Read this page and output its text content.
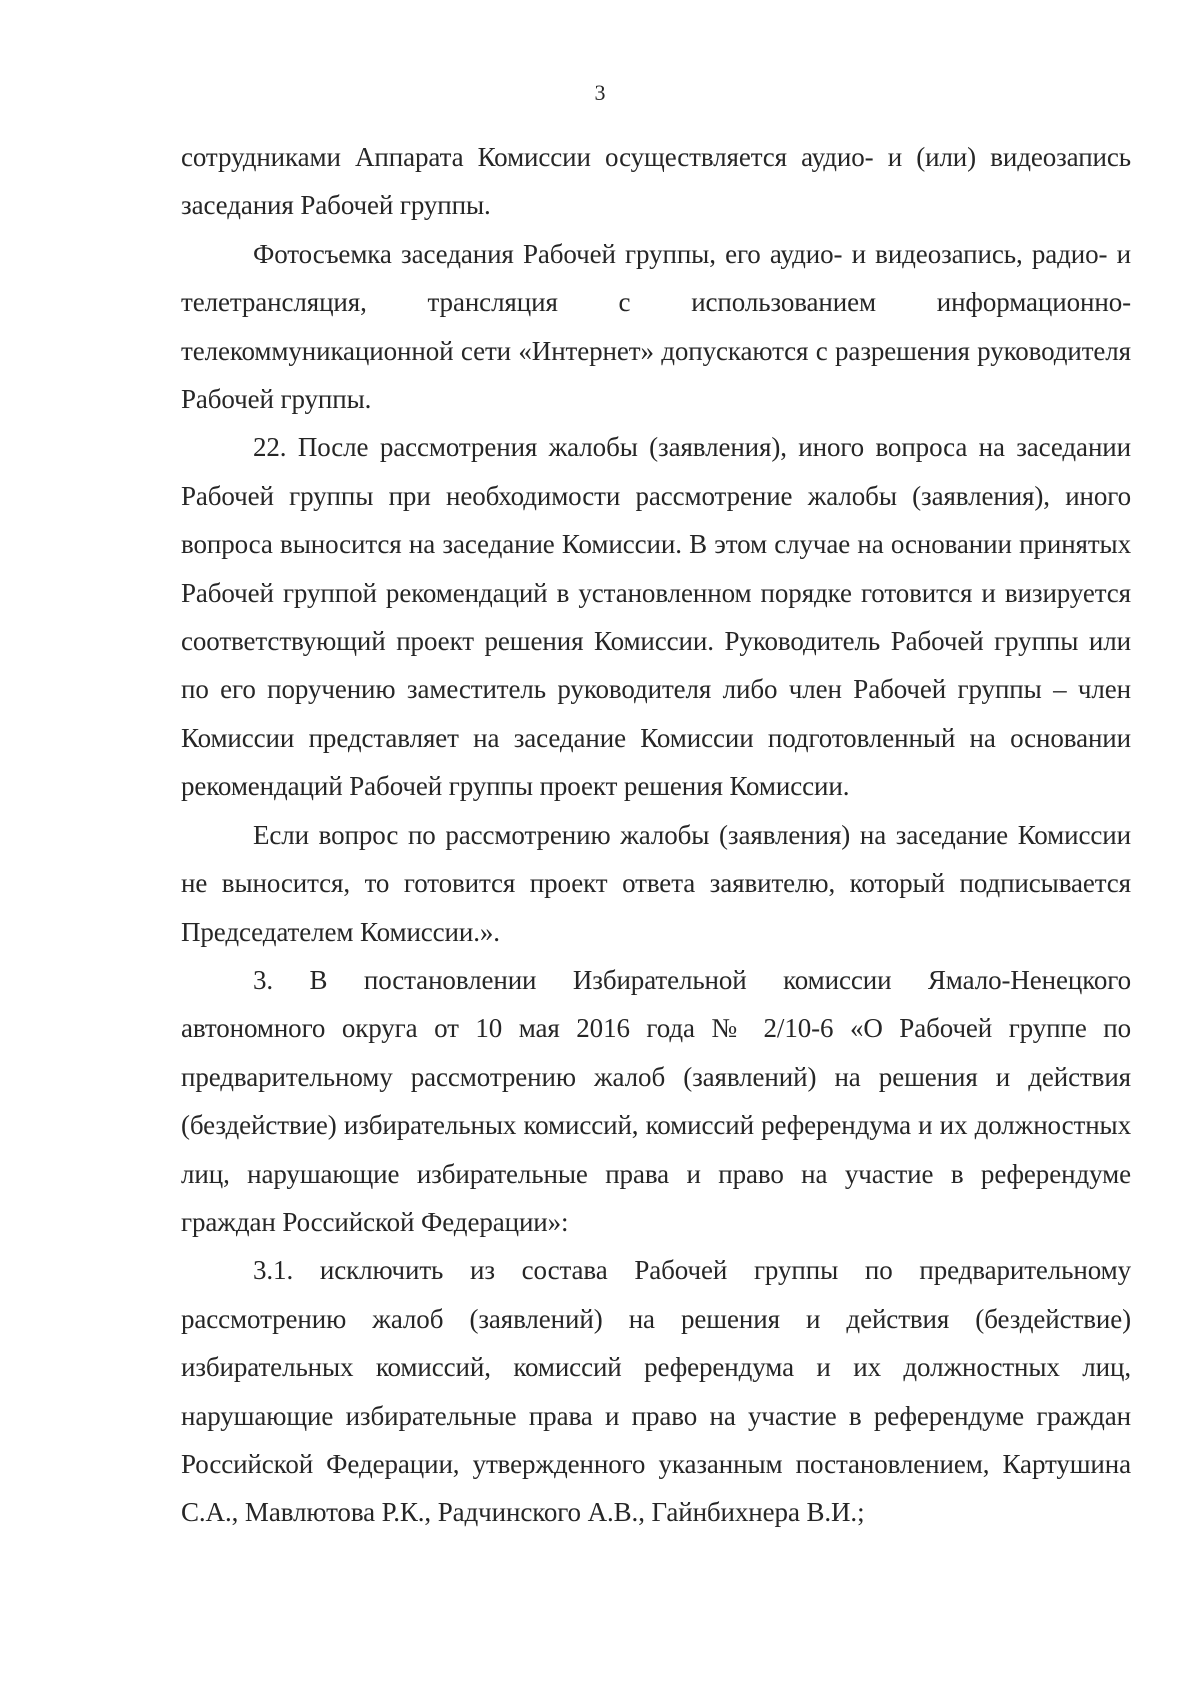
3

сотрудниками Аппарата Комиссии осуществляется аудио- и (или) видеозапись заседания Рабочей группы.

Фотосъемка заседания Рабочей группы, его аудио- и видеозапись, радио- и телетрансляция, трансляция с использованием информационно-телекоммуникационной сети «Интернет» допускаются с разрешения руководителя Рабочей группы.

22. После рассмотрения жалобы (заявления), иного вопроса на заседании Рабочей группы при необходимости рассмотрение жалобы (заявления), иного вопроса выносится на заседание Комиссии. В этом случае на основании принятых Рабочей группой рекомендаций в установленном порядке готовится и визируется соответствующий проект решения Комиссии. Руководитель Рабочей группы или по его поручению заместитель руководителя либо член Рабочей группы – член Комиссии представляет на заседание Комиссии подготовленный на основании рекомендаций Рабочей группы проект решения Комиссии.

Если вопрос по рассмотрению жалобы (заявления) на заседание Комиссии не выносится, то готовится проект ответа заявителю, который подписывается Председателем Комиссии.».

3. В постановлении Избирательной комиссии Ямало-Ненецкого автономного округа от 10 мая 2016 года № 2/10-6 «О Рабочей группе по предварительному рассмотрению жалоб (заявлений) на решения и действия (бездействие) избирательных комиссий, комиссий референдума и их должностных лиц, нарушающие избирательные права и право на участие в референдуме граждан Российской Федерации»:

3.1. исключить из состава Рабочей группы по предварительному рассмотрению жалоб (заявлений) на решения и действия (бездействие) избирательных комиссий, комиссий референдума и их должностных лиц, нарушающие избирательные права и право на участие в референдуме граждан Российской Федерации, утвержденного указанным постановлением, Картушина С.А., Мавлютова Р.К., Радчинского А.В., Гайнбихнера В.И.;
